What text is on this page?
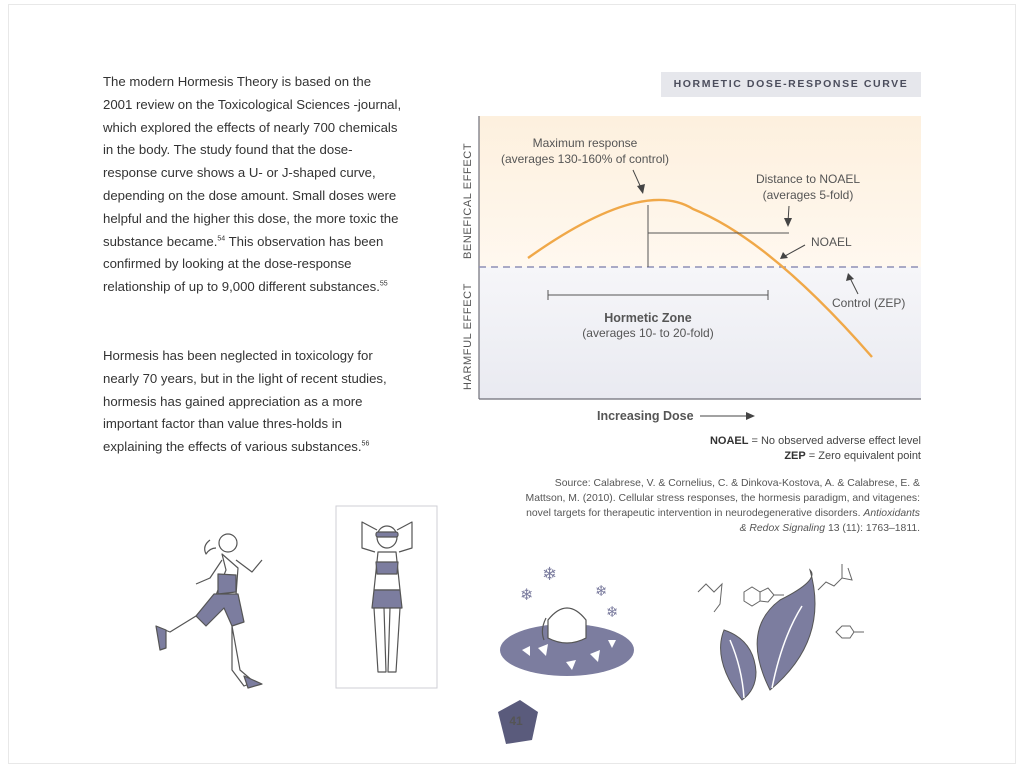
The modern Hormesis Theory is based on the 2001 review on the Toxicological Sciences -journal, which explored the effects of nearly 700 chemicals in the body. The study found that the dose-response curve shows a U- or J-shaped curve, depending on the dose amount. Small doses were helpful and the higher this dose, the more toxic the substance became.$^{54}$ This observation has been confirmed by looking at the dose-response relationship of up to 9,000 different substances.$^{55}$

Hormesis has been neglected in toxicology for nearly 70 years, but in the light of recent studies, hormesis has gained appreciation as a more important factor than value thres-holds in explaining the effects of various substances.$^{56}$

HORMETIC DOSE-RESPONSE CURVE
BENEFICAL EFFECT
HARMFUL EFFECT
Maximum response
(averages 130-160% of control)
Distance to NOAEL
(averages 5-fold)
NOAEL
Control (ZEP)
Hormetic Zone
(averages 10- to 20-fold)
Increasing Dose
❄
❄	❄
❄
41
NOAEL = No observed adverse effect level
ZEP = Zero equivalent point

Source: Calabrese, V. & Cornelius, C. & Dinkova-Kostova, A. & Calabrese, E. & Mattson, M. (2010). Cellular stress responses, the hormesis paradigm, and vitagenes: novel targets for therapeutic intervention in neurodegenerative disorders. Antioxidants & Redox Signaling 13 (11): 1763–1811.
